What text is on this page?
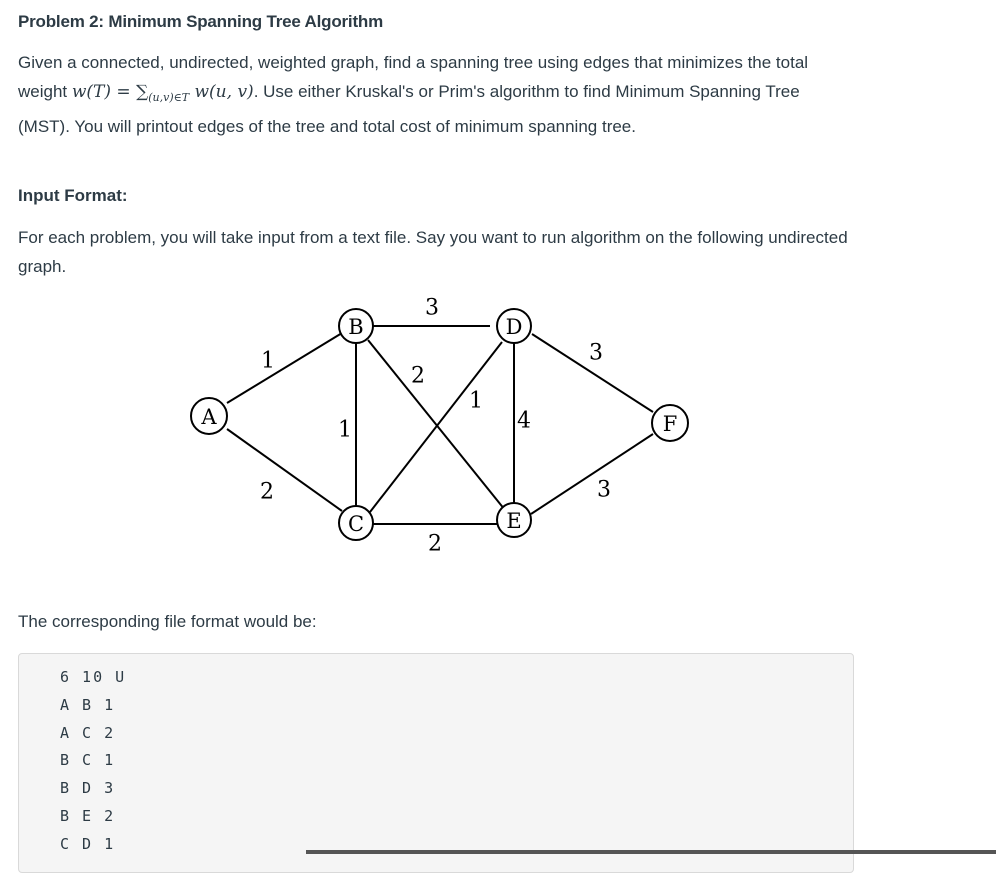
Problem 2: Minimum Spanning Tree Algorithm
Given a connected, undirected, weighted graph, find a spanning tree using edges that minimizes the total weight $w(T) = \sum_{(u,v)\in T}$ w(u, v). Use either Kruskal's or Prim's algorithm to find Minimum Spanning Tree (MST). You will printout edges of the tree and total cost of minimum spanning tree.
Input Format:
For each problem, you will take input from a text file. Say you want to run algorithm on the following undirected graph.
A
B
C
D
E
F
1
2
1
3
2
1
2
4
3
3
The corresponding file format would be:
6 10 U
A B 1
A C 2
B C 1
B D 3
B E 2
C D 1
